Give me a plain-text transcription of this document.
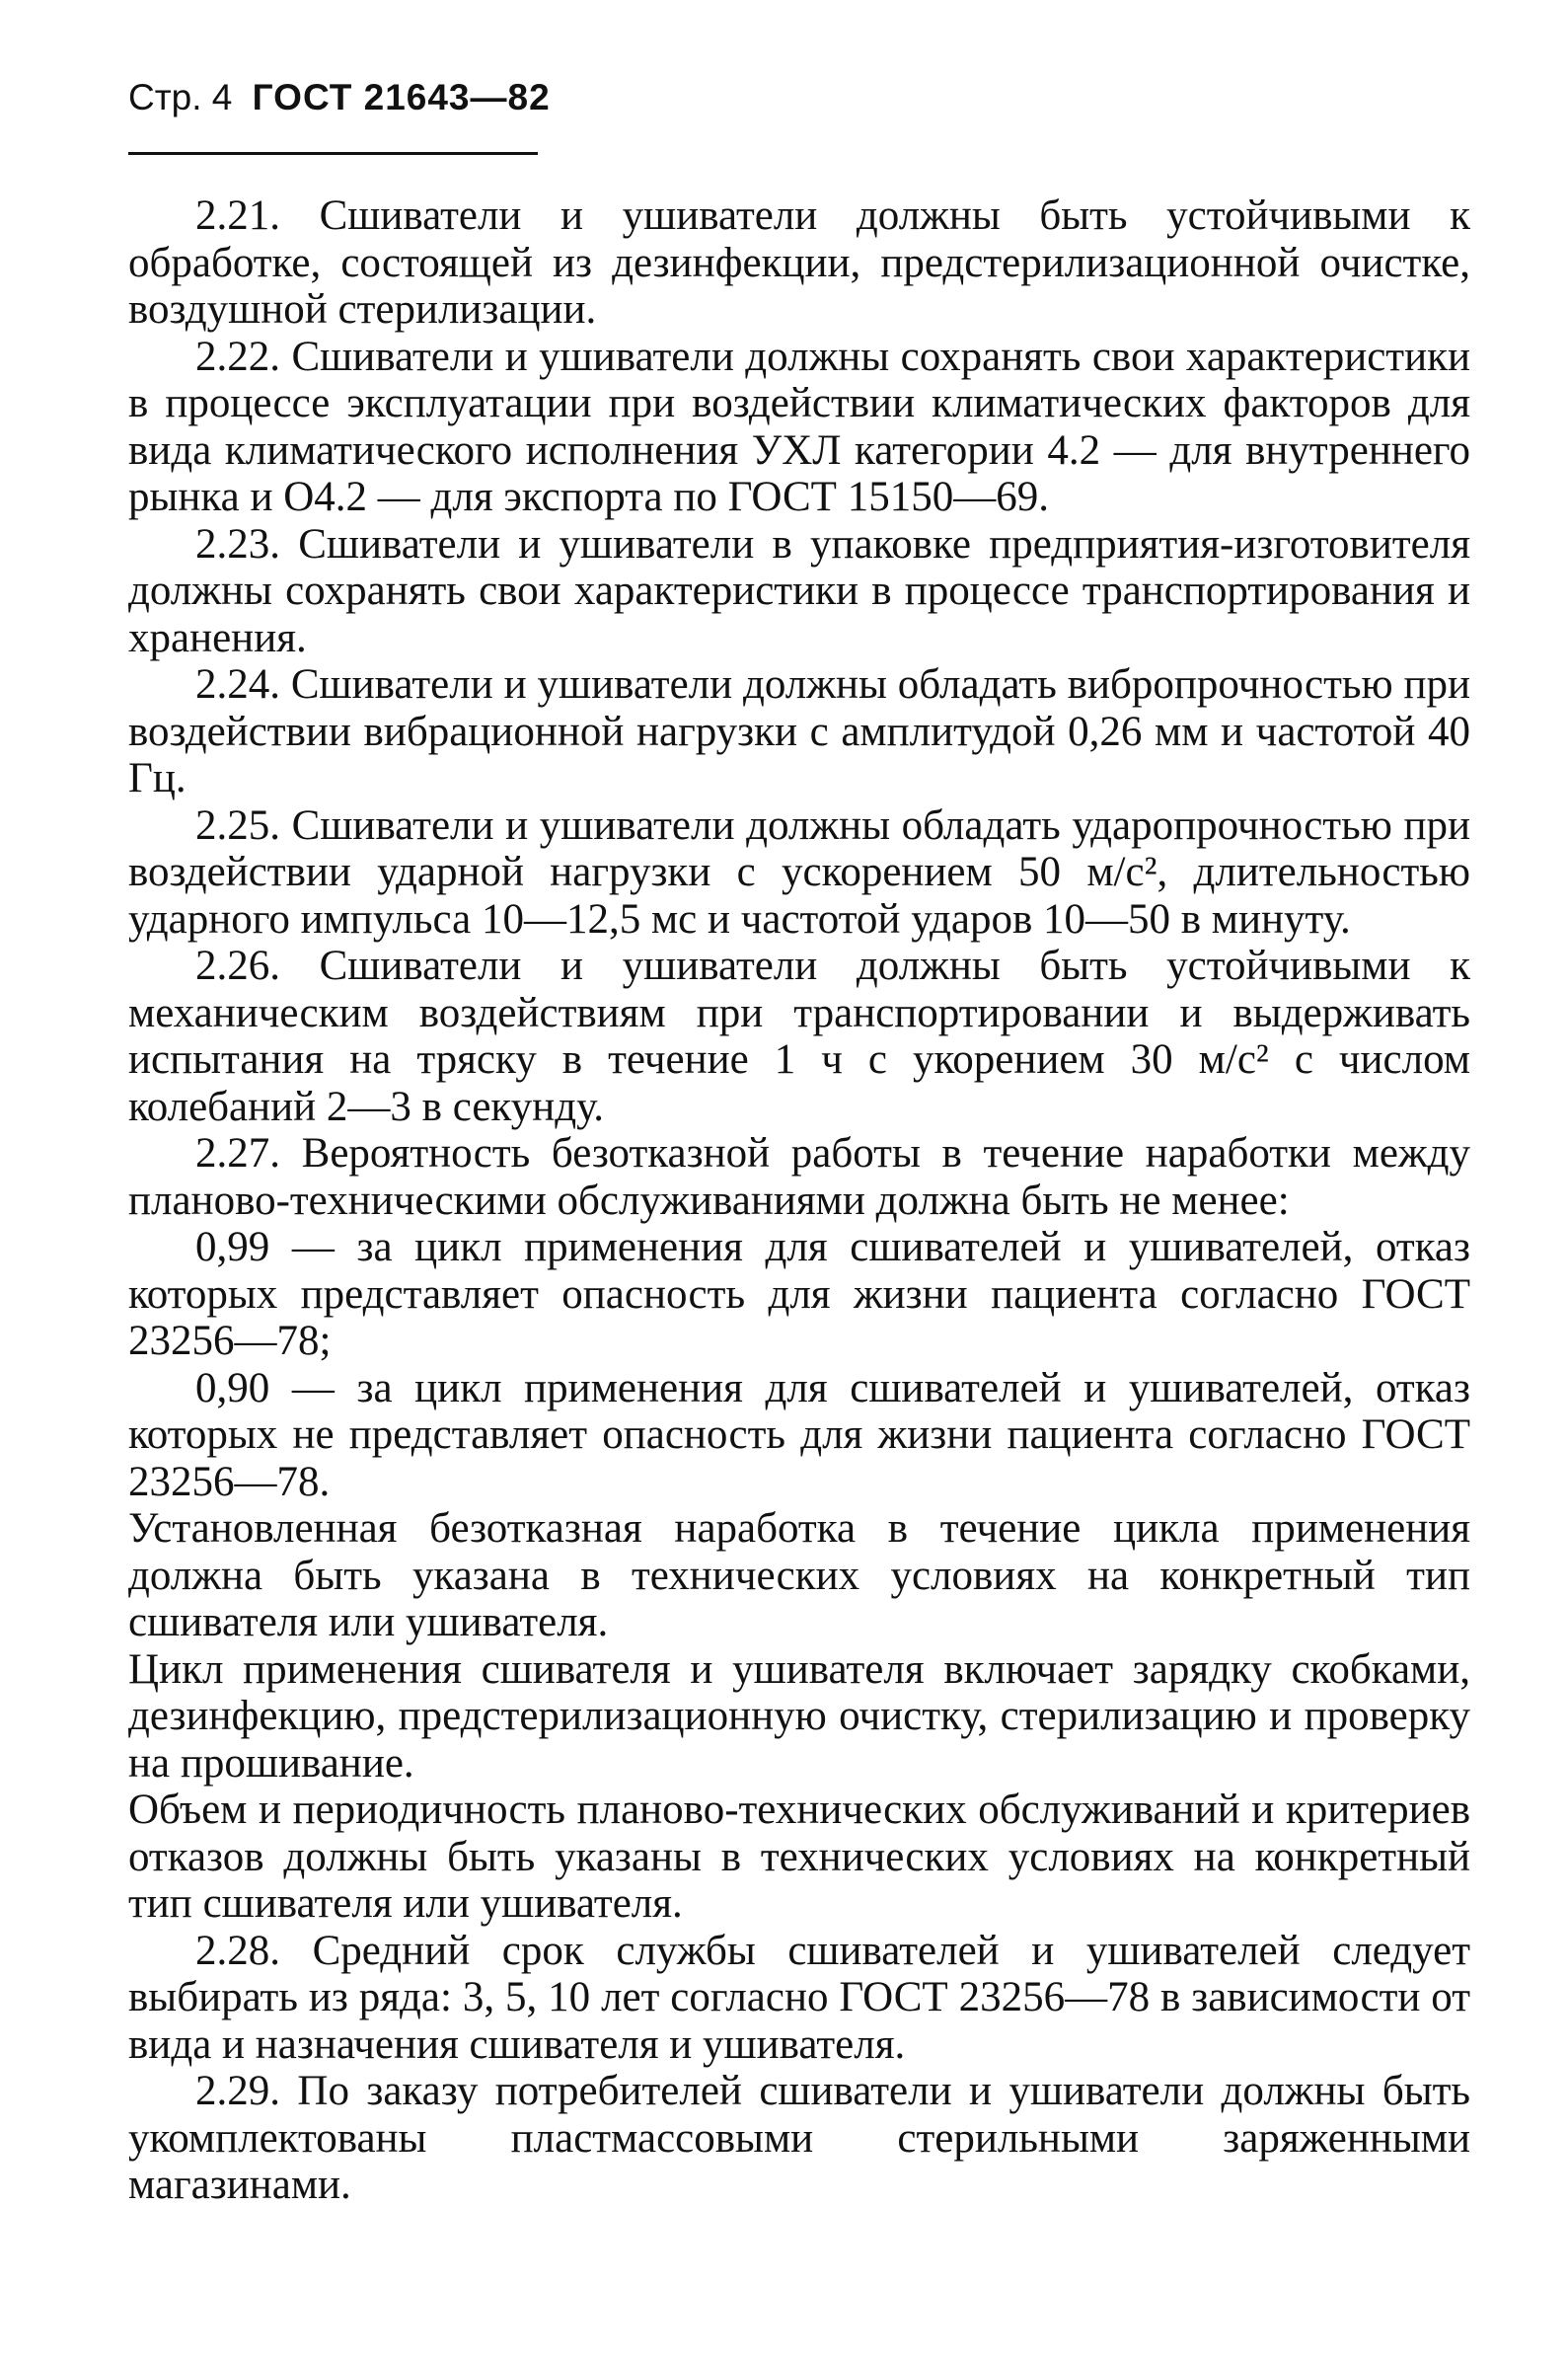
Стр. 4 ГОСТ 21643—82

2.21. Сшиватели и ушиватели должны быть устойчивыми к обработке, состоящей из дезинфекции, предстерилизационной очистке, воздушной стерилизации.

2.22. Сшиватели и ушиватели должны сохранять свои характеристики в процессе эксплуатации при воздействии климатических факторов для вида климатического исполнения УХЛ категории 4.2 — для внутреннего рынка и О4.2 — для экспорта по ГОСТ 15150—69.

2.23. Сшиватели и ушиватели в упаковке предприятия-изготовителя должны сохранять свои характеристики в процессе транспортирования и хранения.

2.24. Сшиватели и ушиватели должны обладать вибропрочностью при воздействии вибрационной нагрузки с амплитудой 0,26 мм и частотой 40 Гц.

2.25. Сшиватели и ушиватели должны обладать ударопрочностью при воздействии ударной нагрузки с ускорением 50 м/с², длительностью ударного импульса 10—12,5 мс и частотой ударов 10—50 в минуту.

2.26. Сшиватели и ушиватели должны быть устойчивыми к механическим воздействиям при транспортировании и выдерживать испытания на тряску в течение 1 ч с укорением 30 м/с² с числом колебаний 2—3 в секунду.

2.27. Вероятность безотказной работы в течение наработки между планово-техническими обслуживаниями должна быть не менее:

0,99 — за цикл применения для сшивателей и ушивателей, отказ которых представляет опасность для жизни пациента согласно ГОСТ 23256—78;

0,90 — за цикл применения для сшивателей и ушивателей, отказ которых не представляет опасность для жизни пациента согласно ГОСТ 23256—78.

Установленная безотказная наработка в течение цикла применения должна быть указана в технических условиях на конкретный тип сшивателя или ушивателя.

Цикл применения сшивателя и ушивателя включает зарядку скобками, дезинфекцию, предстерилизационную очистку, стерилизацию и проверку на прошивание.

Объем и периодичность планово-технических обслуживаний и критериев отказов должны быть указаны в технических условиях на конкретный тип сшивателя или ушивателя.

2.28. Средний срок службы сшивателей и ушивателей следует выбирать из ряда: 3, 5, 10 лет согласно ГОСТ 23256—78 в зависимости от вида и назначения сшивателя и ушивателя.

2.29. По заказу потребителей сшиватели и ушиватели должны быть укомплектованы пластмассовыми стерильными заряженными магазинами.
